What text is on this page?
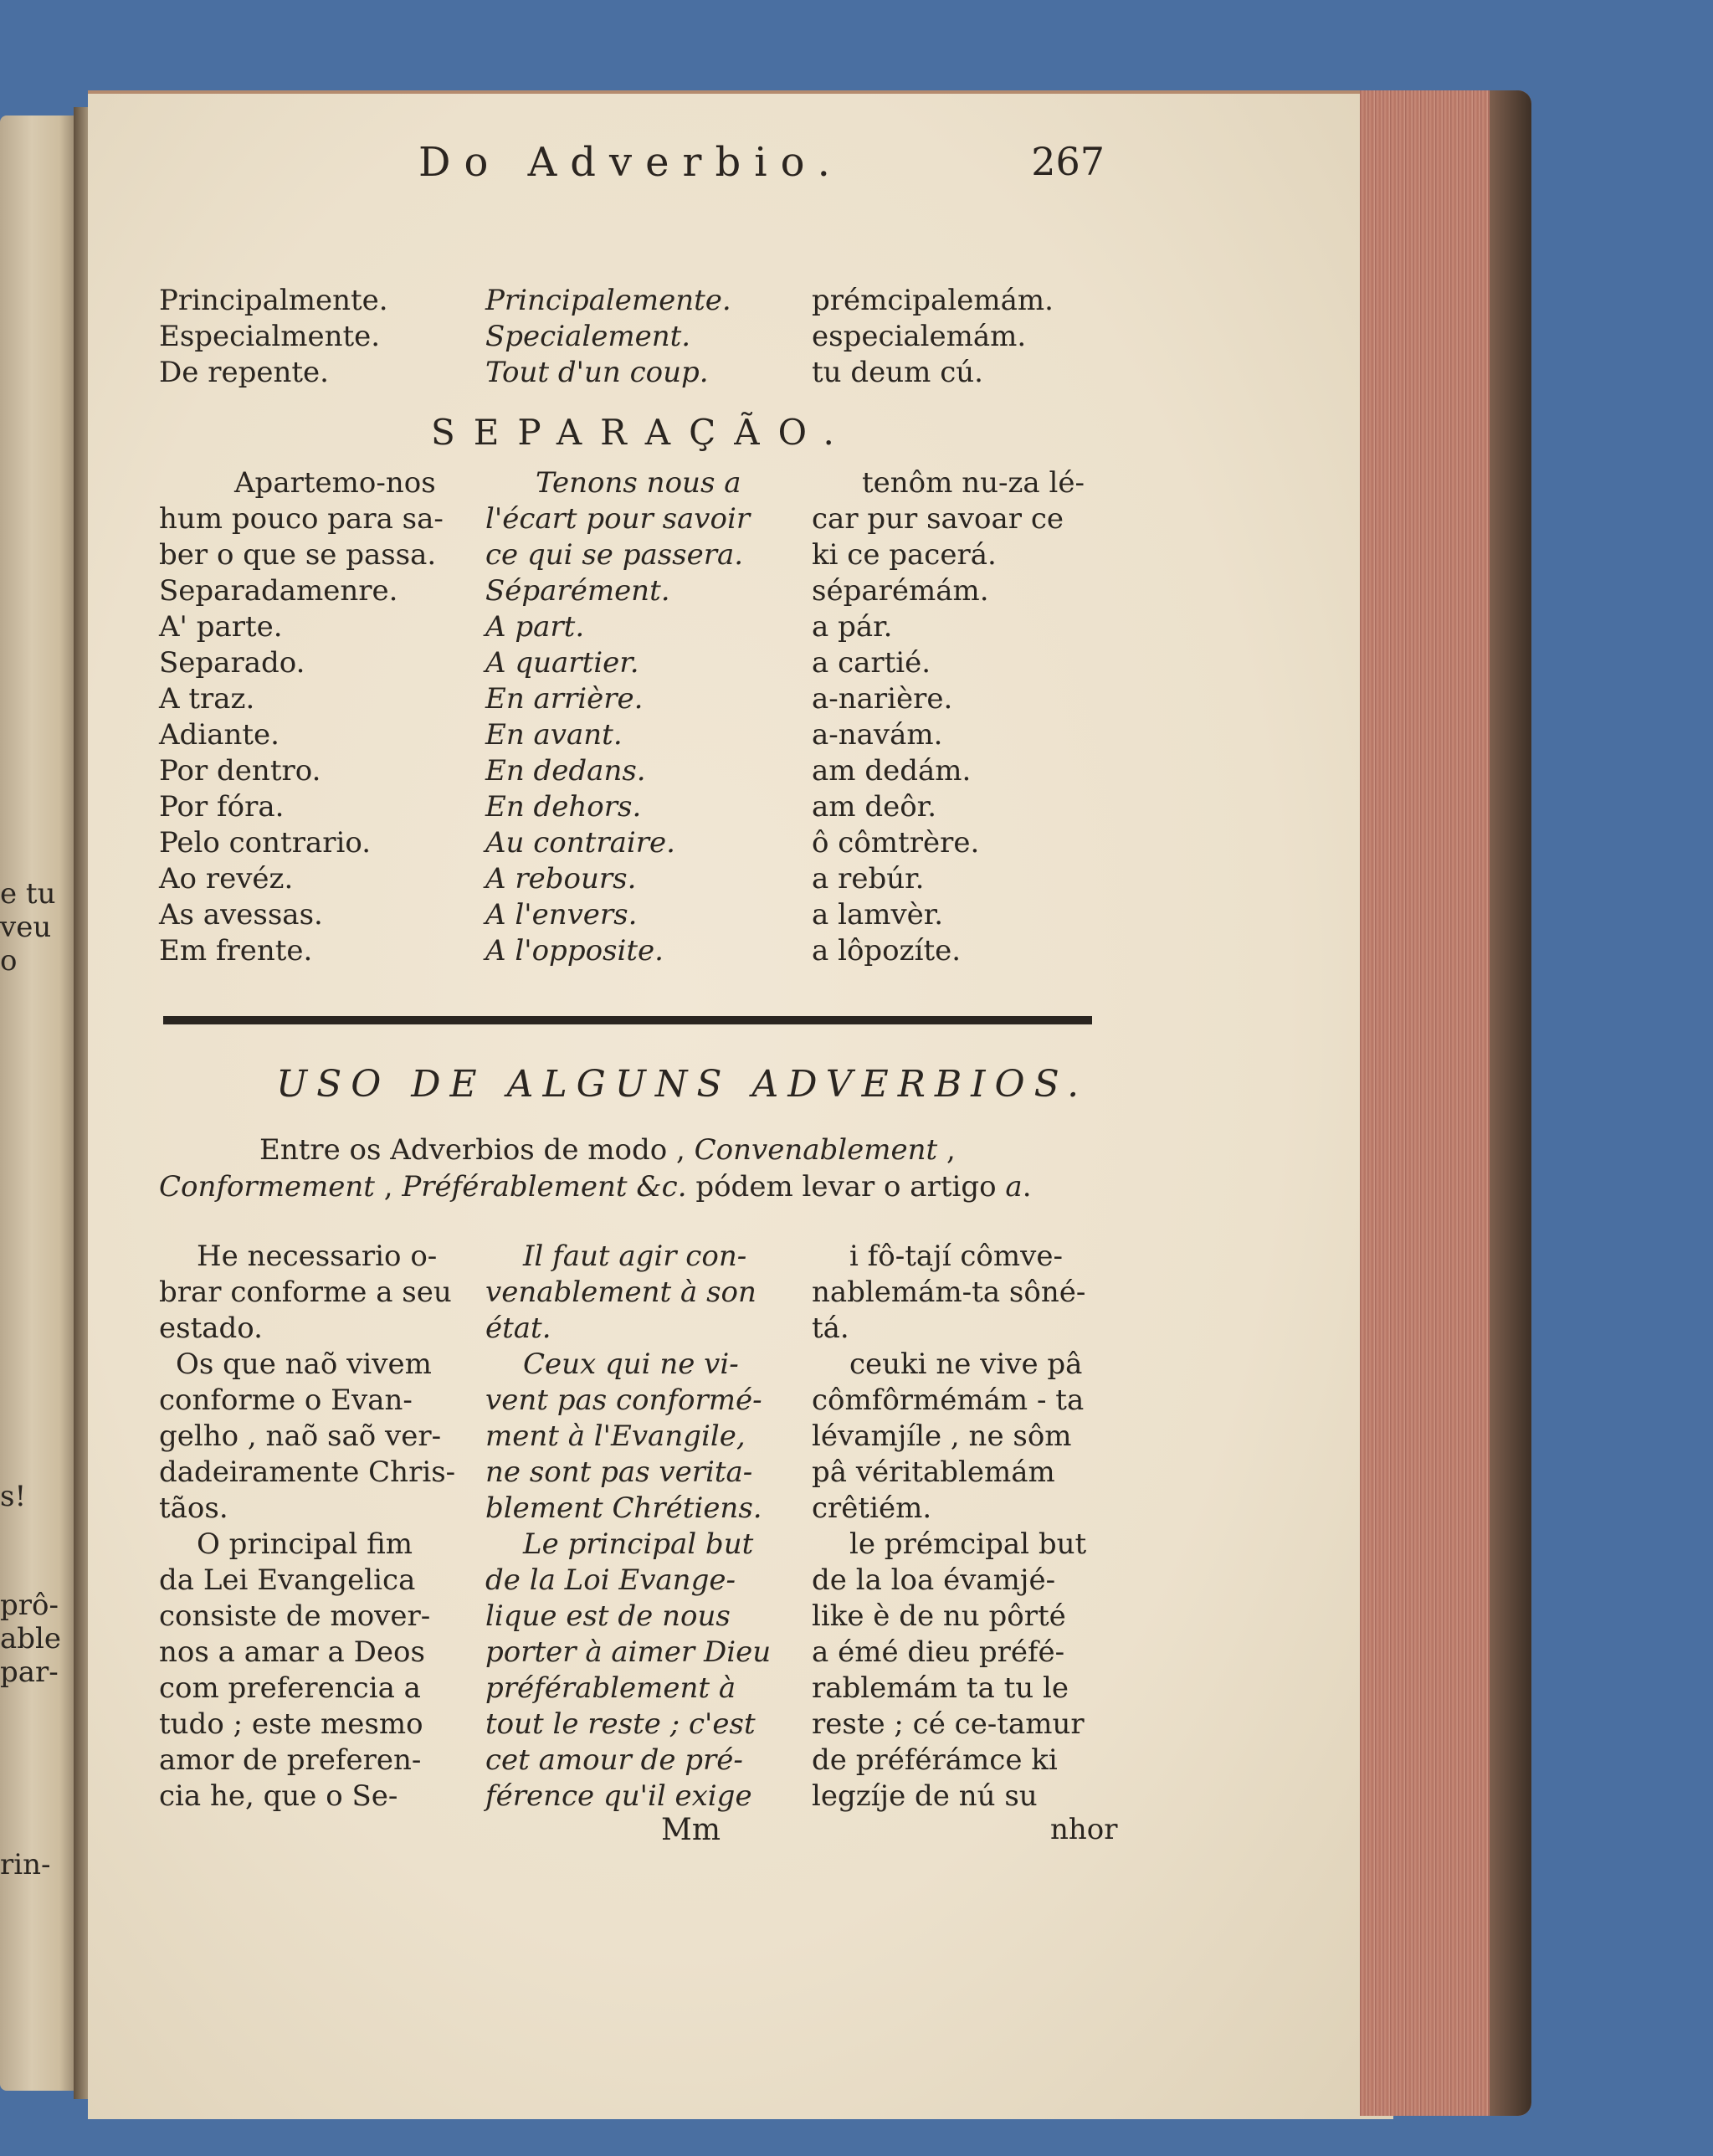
e tu
veu
o
s!
prô-
able
par-
rin-
Do Adverbio.	267
Principalmente.	Principalemente.	prémcipalemám.
Especialmente.	Specialement.	especialemám.
De repente.	Tout d'un coup.	tu deum cú.
SEPARAÇÃO.
Apartemo-nos	Tenons nous a	tenôm nu-za lé-
hum pouco para sa-	l'écart pour savoir	car pur savoar ce
ber o que se passa.	ce qui se passera.	ki ce pacerá.
Separadamenre.	Séparément.	séparémám.
A' parte.	A part.	a pár.
Separado.	A quartier.	a cartié.
A traz.	En arrière.	a-narière.
Adiante.	En avant.	a-navám.
Por dentro.	En dedans.	am dedám.
Por fóra.	En dehors.	am deôr.
Pelo contrario.	Au contraire.	ô cômtrère.
Ao revéz.	A rebours.	a rebúr.
As avessas.	A l'envers.	a lamvèr.
Em frente.	A l'opposite.	a lôpozíte.
USO DE ALGUNS ADVERBIOS.
Entre os Adverbios de modo , Convenablement , Conformement , Préférablement &c. pódem levar o artigo a.
He necessario o-	Il faut agir con-	i fô-tají cômve-
brar conforme a seu	venablement à son	nablemám-ta sôné-
estado.	état.	tá.
Os que naõ vivem	Ceux qui ne vi-	ceuki ne vive pâ
conforme o Evan-	vent pas conformé-	cômfôrmémám - ta
gelho , naõ saõ ver-	ment à l'Evangile,	lévamjíle , ne sôm
dadeiramente Chris-	ne sont pas verita-	pâ véritablemám
tãos.	blement Chrétiens.	crêtiém.
O principal fim	Le principal but	le prémcipal but
da Lei Evangelica	de la Loi Evange-	de la loa évamjé-
consiste de mover-	lique est de nous	like è de nu pôrté
nos a amar a Deos	porter à aimer Dieu	a émé dieu préfé-
com preferencia a	préférablement à	rablemám ta tu le
tudo ; este mesmo	tout le reste ; c'est	reste ; cé ce-tamur
amor de preferen-	cet amour de pré-	de préférámce ki
cia he, que o Se-	férence qu'il exige	legzíje de nú su
Mm	nhor
